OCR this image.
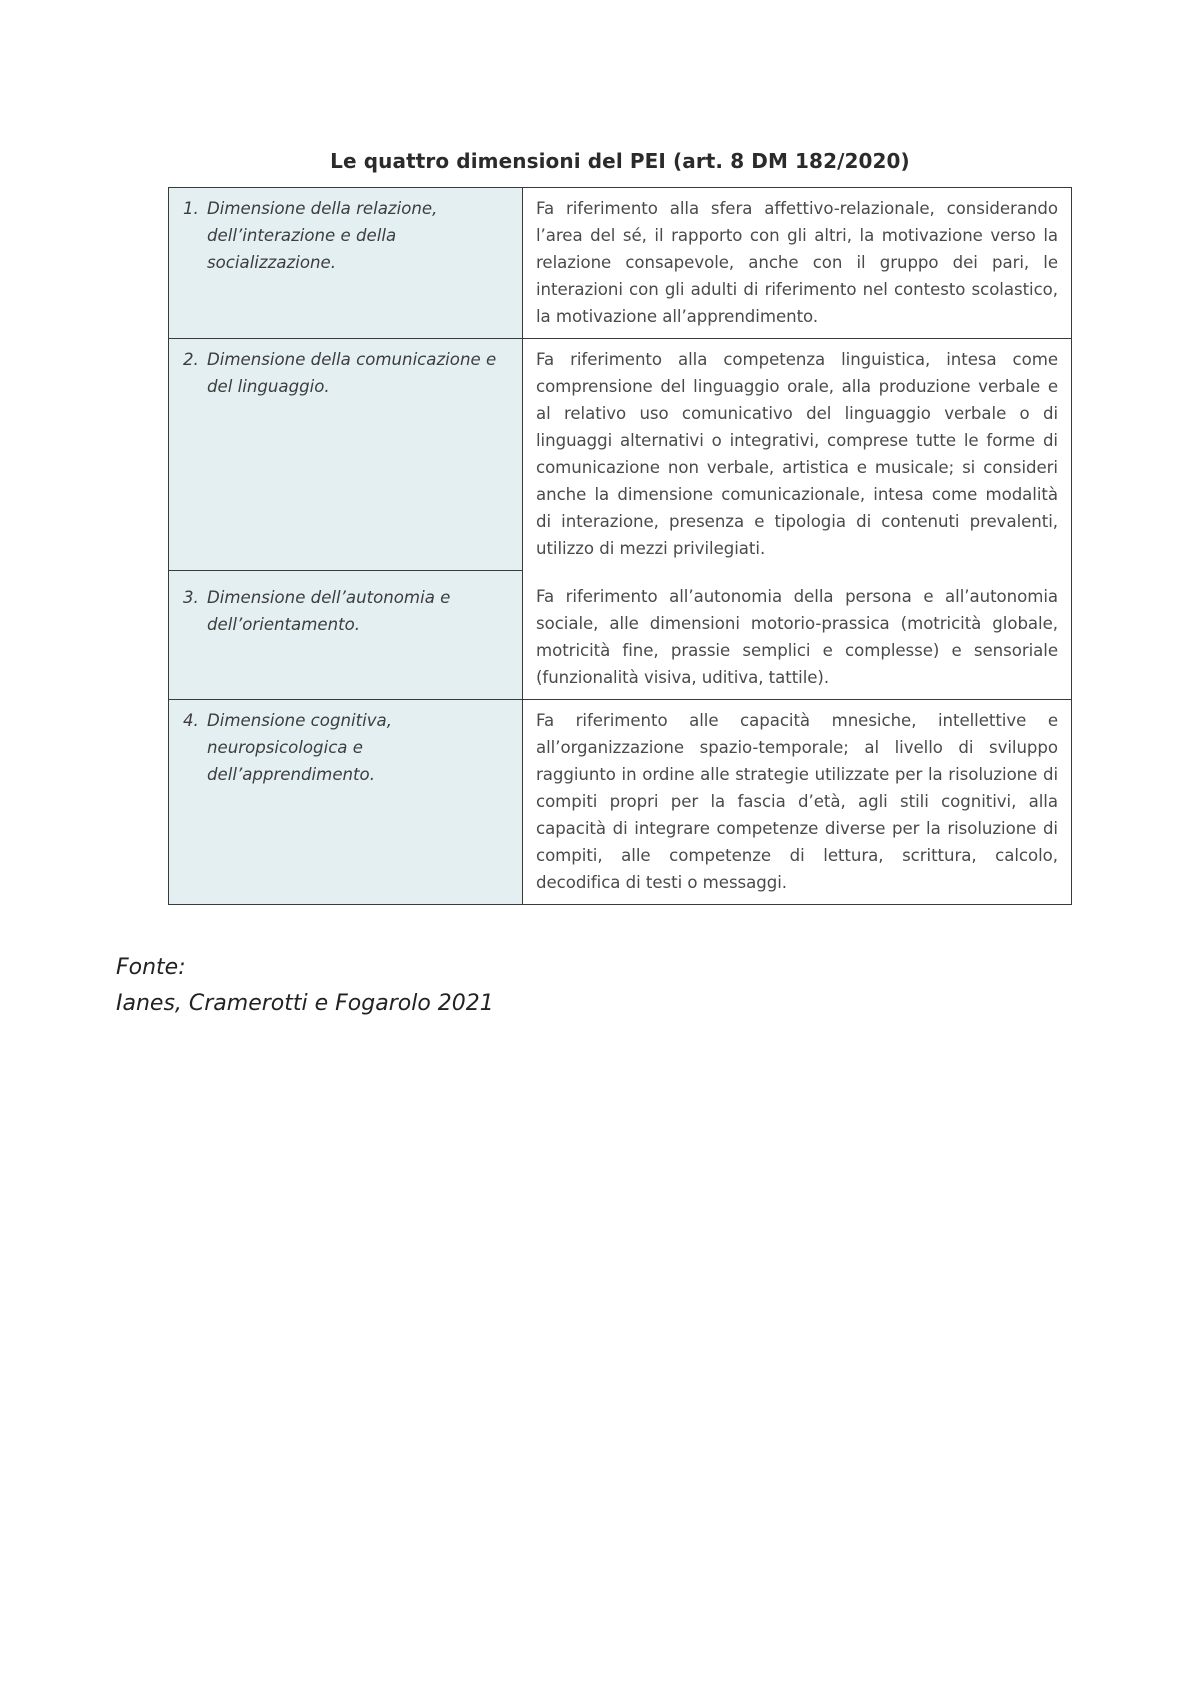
Le quattro dimensioni del PEI (art. 8 DM 182/2020)
1. Dimensione della relazione, dell’interazione e della socializzazione.	Fa riferimento alla sfera affettivo-relazionale, considerando l’area del sé, il rapporto con gli altri, la motivazione verso la relazione consapevole, anche con il gruppo dei pari, le interazioni con gli adulti di riferimento nel contesto scolastico, la motivazione all’apprendimento.

2. Dimensione della comunicazione e del linguaggio.	Fa riferimento alla competenza linguistica, intesa come comprensione del linguaggio orale, alla produzione verbale e al relativo uso comunicativo del linguaggio verbale o di linguaggi alternativi o integrativi, comprese tutte le forme di comunicazione non verbale, artistica e musicale; si consideri anche la dimensione comunicazionale, intesa come modalità di interazione, presenza e tipologia di contenuti prevalenti, utilizzo di mezzi privilegiati.

3. Dimensione dell’autonomia e dell’orientamento.	Fa riferimento all’autonomia della persona e all’autonomia sociale, alle dimensioni motorio-prassica (motricità globale, motricità fine, prassie semplici e complesse) e sensoriale (funzionalità visiva, uditiva, tattile).

4. Dimensione cognitiva, neuropsicologica e dell’apprendimento.	Fa riferimento alle capacità mnesiche, intellettive e all’organizzazione spazio-temporale; al livello di sviluppo raggiunto in ordine alle strategie utilizzate per la risoluzione di compiti propri per la fascia d’età, agli stili cognitivi, alla capacità di integrare competenze diverse per la risoluzione di compiti, alle competenze di lettura, scrittura, calcolo, decodifica di testi o messaggi.
Fonte:
Ianes, Cramerotti e Fogarolo 2021
